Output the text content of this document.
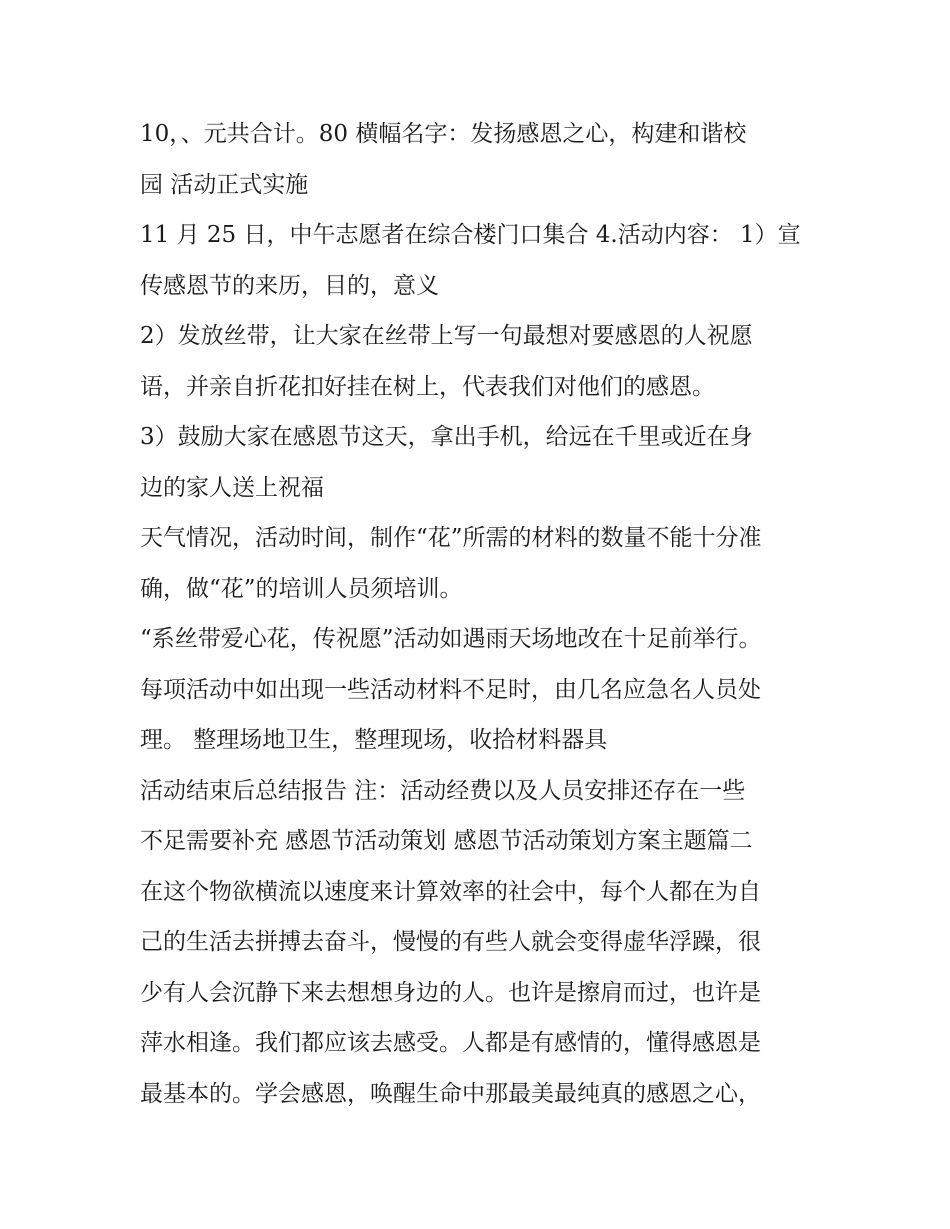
10，、元共合计。80 横幅名字：发扬感恩之心，构建和谐校
园 活动正式实施
11 月 25 日，中午志愿者在综合楼门口集合 4.活动内容： 1）宣
传感恩节的来历，目的，意义
2）发放丝带，让大家在丝带上写一句最想对要感恩的人祝愿
语，并亲自折花扣好挂在树上，代表我们对他们的感恩。
3）鼓励大家在感恩节这天，拿出手机，给远在千里或近在身
边的家人送上祝福
天气情况，活动时间，制作“花”所需的材料的数量不能十分准
确，做“花”的培训人员须培训。
“系丝带爱心花，传祝愿”活动如遇雨天场地改在十足前举行。
每项活动中如出现一些活动材料不足时，由几名应急名人员处
理。 整理场地卫生，整理现场，收拾材料器具
活动结束后总结报告 注：活动经费以及人员安排还存在一些
不足需要补充 感恩节活动策划 感恩节活动策划方案主题篇二
在这个物欲横流以速度来计算效率的社会中，每个人都在为自
己的生活去拼搏去奋斗，慢慢的有些人就会变得虚华浮躁，很
少有人会沉静下来去想想身边的人。也许是擦肩而过，也许是
萍水相逢。我们都应该去感受。人都是有感情的，懂得感恩是
最基本的。学会感恩，唤醒生命中那最美最纯真的感恩之心，
